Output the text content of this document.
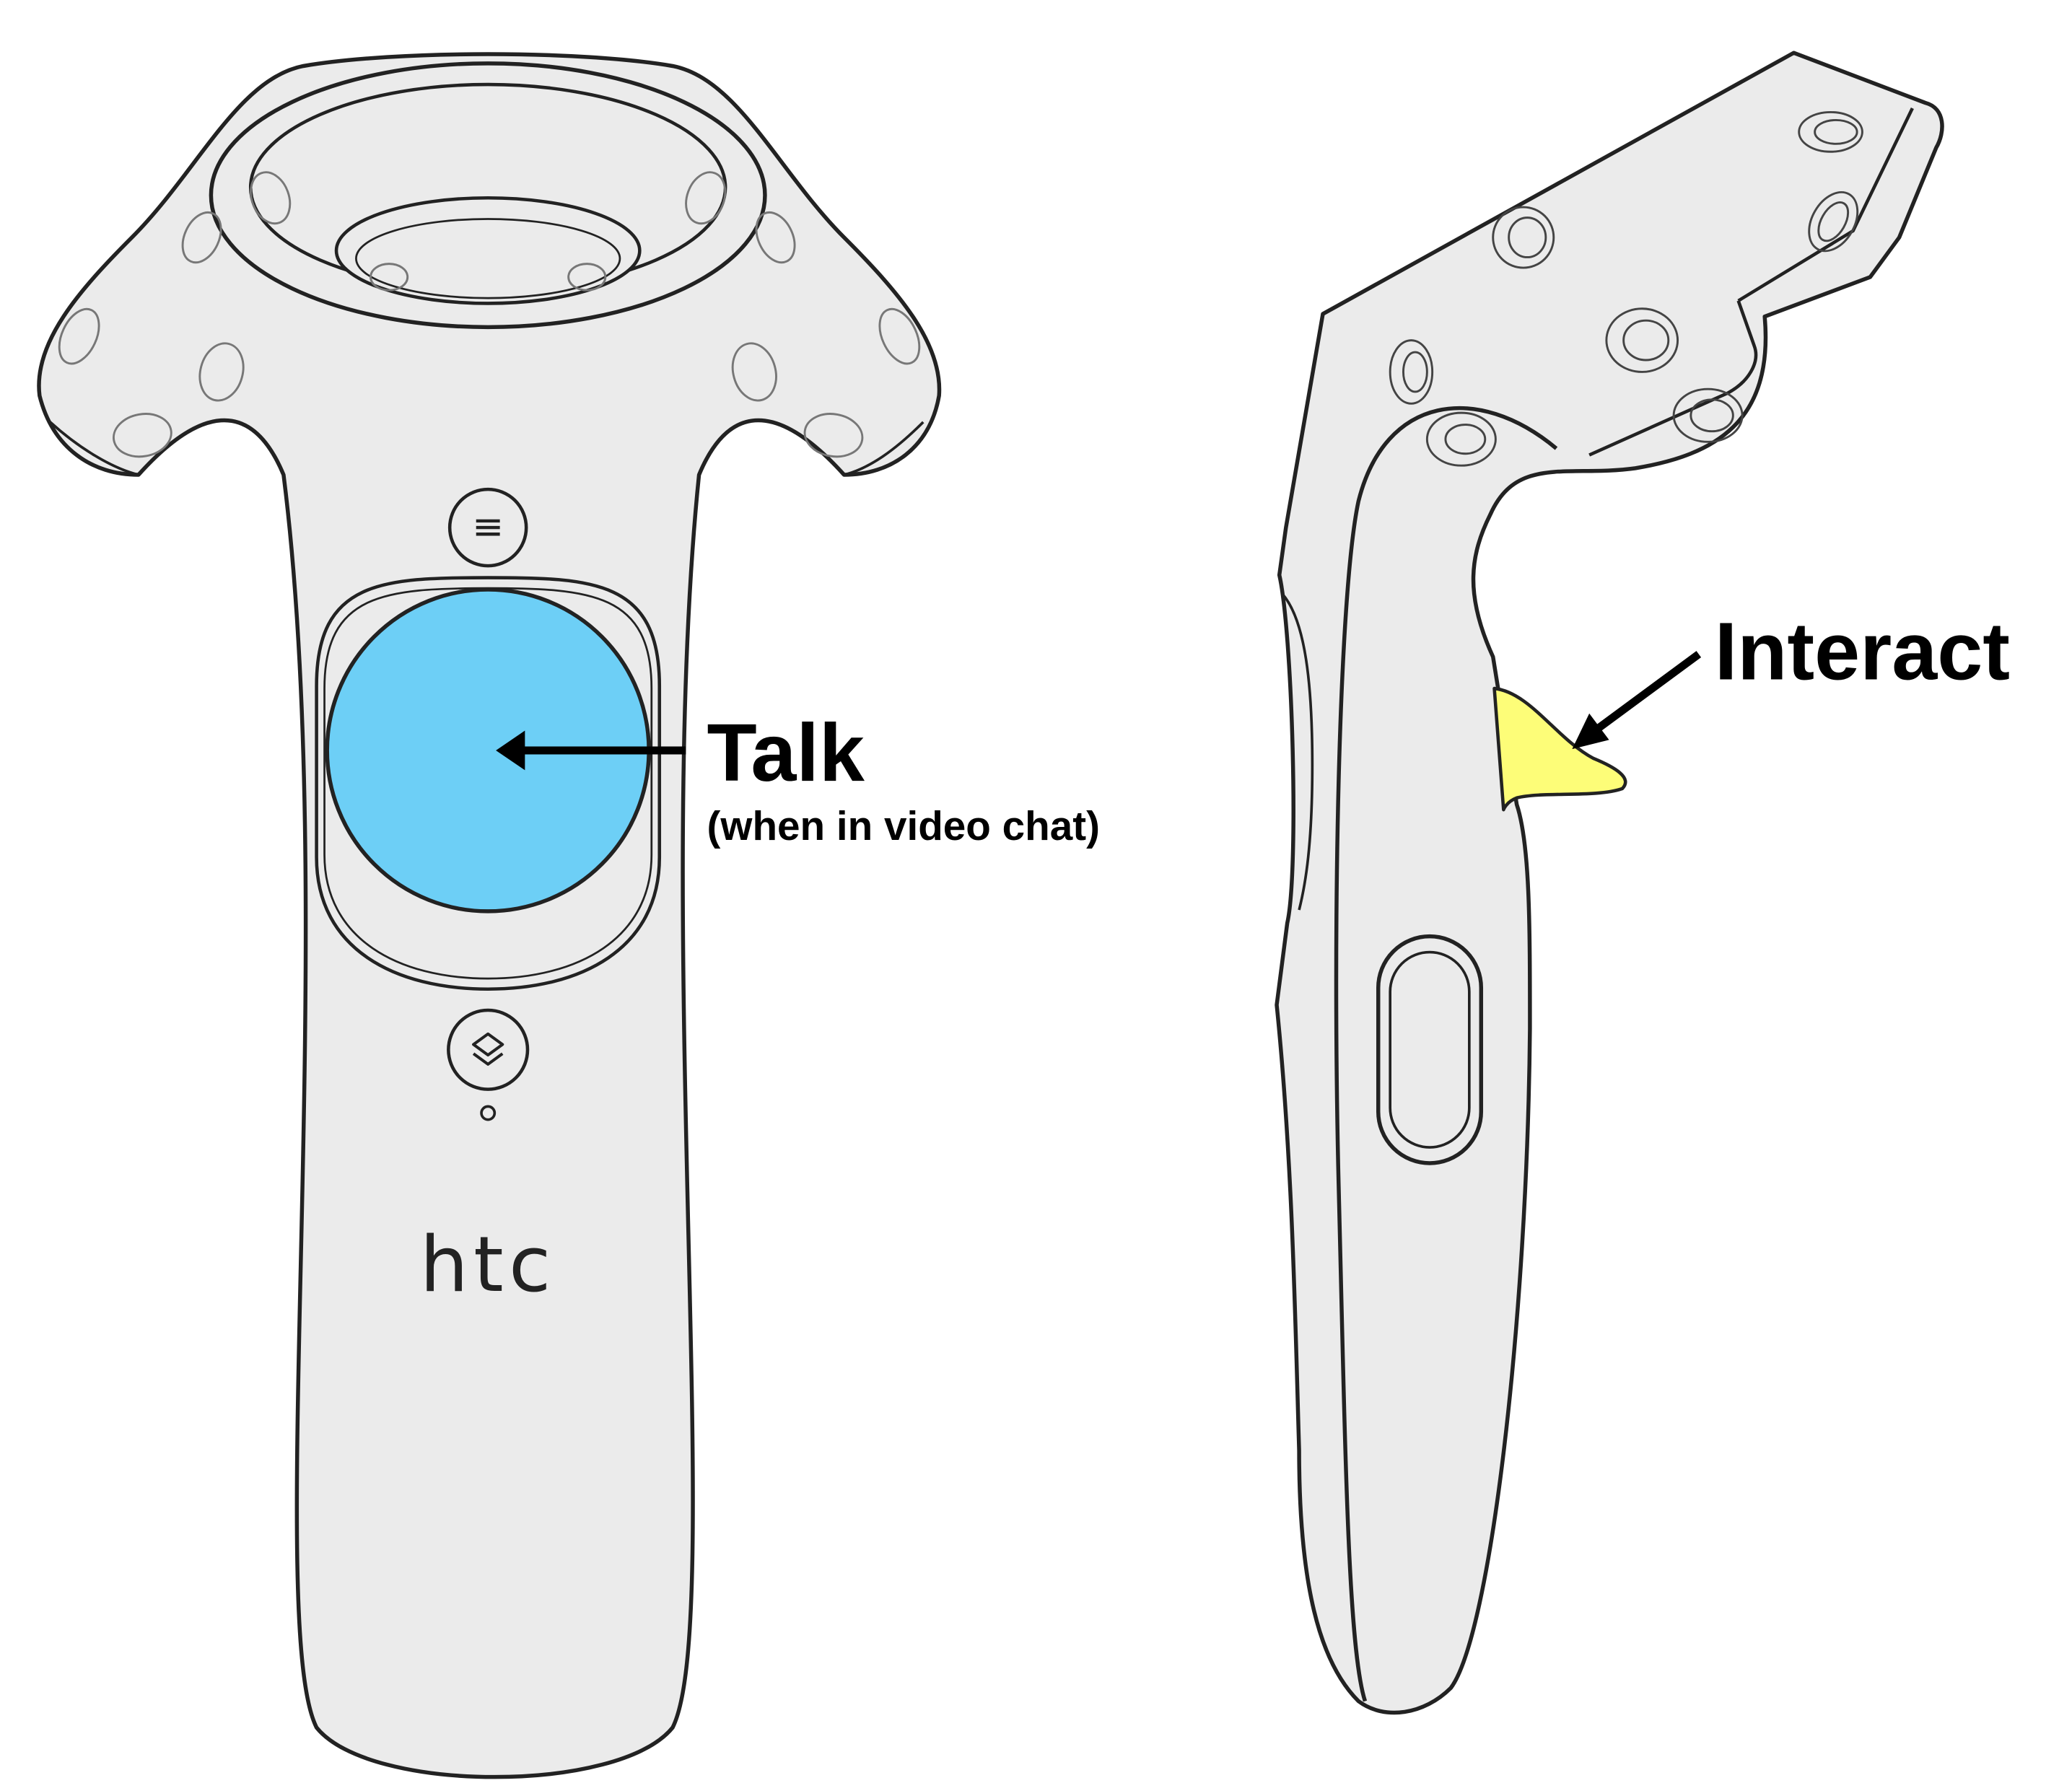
htc
Talk
(when in video chat)
Interact
